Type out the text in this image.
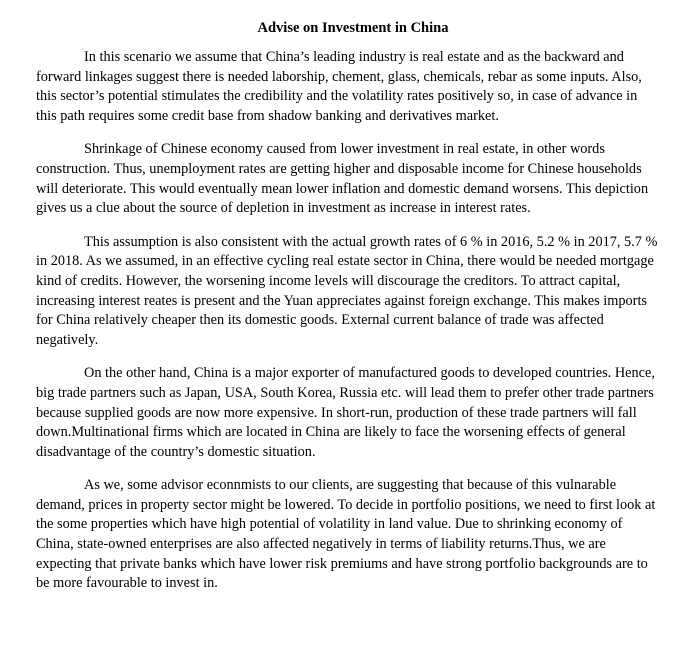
Advise on Investment in China

In this scenario we assume that China’s leading industry is real estate and as the backward and forward linkages suggest there is needed laborship, chement, glass, chemicals, rebar as some inputs. Also, this sector’s potential stimulates the credibility and the volatility rates positively so, in case of advance in this path requires some credit base from shadow banking and derivatives market.

Shrinkage of Chinese economy caused from lower investment in real estate, in other words construction. Thus, unemployment rates are getting higher and disposable income for Chinese households will deteriorate. This would eventually mean lower inflation and domestic demand worsens. This depiction gives us a clue about the source of depletion in investment as increase in interest rates.

This assumption is also consistent with the actual growth rates of 6 % in 2016, 5.2 % in 2017, 5.7 % in 2018. As we assumed, in an effective cycling real estate sector in China, there would be needed mortgage kind of credits. However, the worsening income levels will discourage the creditors. To attract capital, increasing interest reates is present and the Yuan appreciates against foreign exchange. This makes imports for China relatively cheaper then its domestic goods. External current balance of trade was affected negatively.

On the other hand, China is a major exporter of manufactured goods to developed countries. Hence, big trade partners such as Japan, USA, South Korea, Russia etc. will lead them to prefer other trade partners because supplied goods are now more expensive. In short-run, production of these trade partners will fall down.Multinational firms which are located in China are likely to face the worsening effects of general disadvantage of the country’s domestic situation.

As we, some advisor econnmists to our clients, are suggesting that because of this vulnarable demand, prices in property sector might be lowered. To decide in portfolio positions, we need to first look at the some properties which have high potential of volatility in land value. Due to shrinking economy of China, state-owned enterprises are also affected negatively in terms of liability returns.Thus, we are expecting that private banks which have lower risk premiums and have strong portfolio backgrounds are to be more favourable to invest in.
